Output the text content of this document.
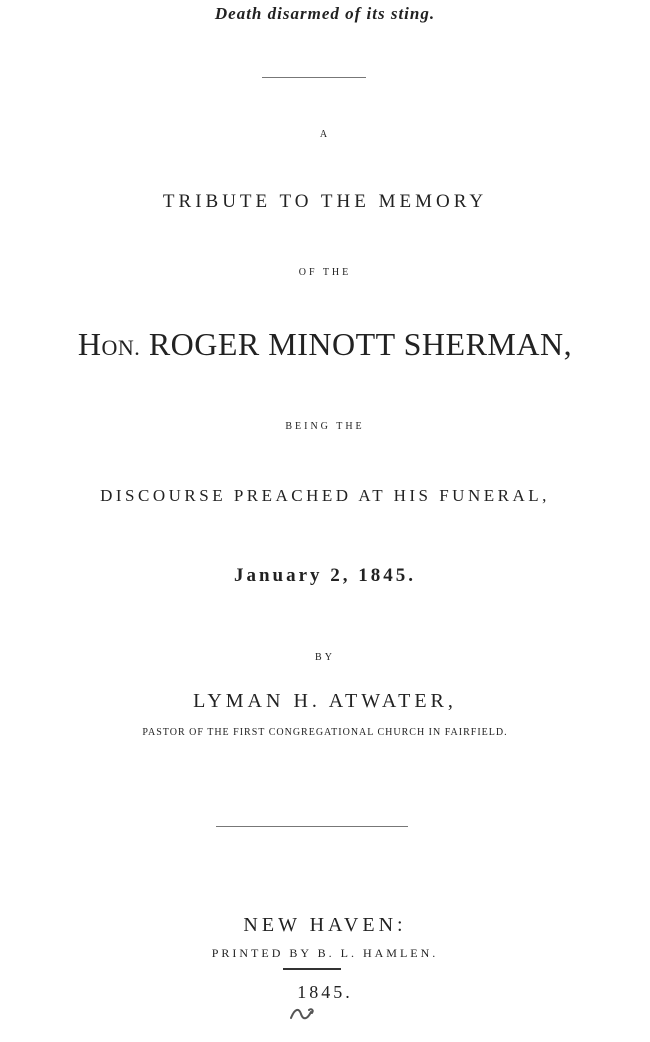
Death disarmed of its sting.
A
TRIBUTE TO THE MEMORY
OF THE
HON. ROGER MINOTT SHERMAN,
BEING THE
DISCOURSE PREACHED AT HIS FUNERAL,
January 2, 1845.
BY
LYMAN H. ATWATER,
PASTOR OF THE FIRST CONGREGATIONAL CHURCH IN FAIRFIELD.
NEW HAVEN:
PRINTED BY B. L. HAMLEN.
1845.
